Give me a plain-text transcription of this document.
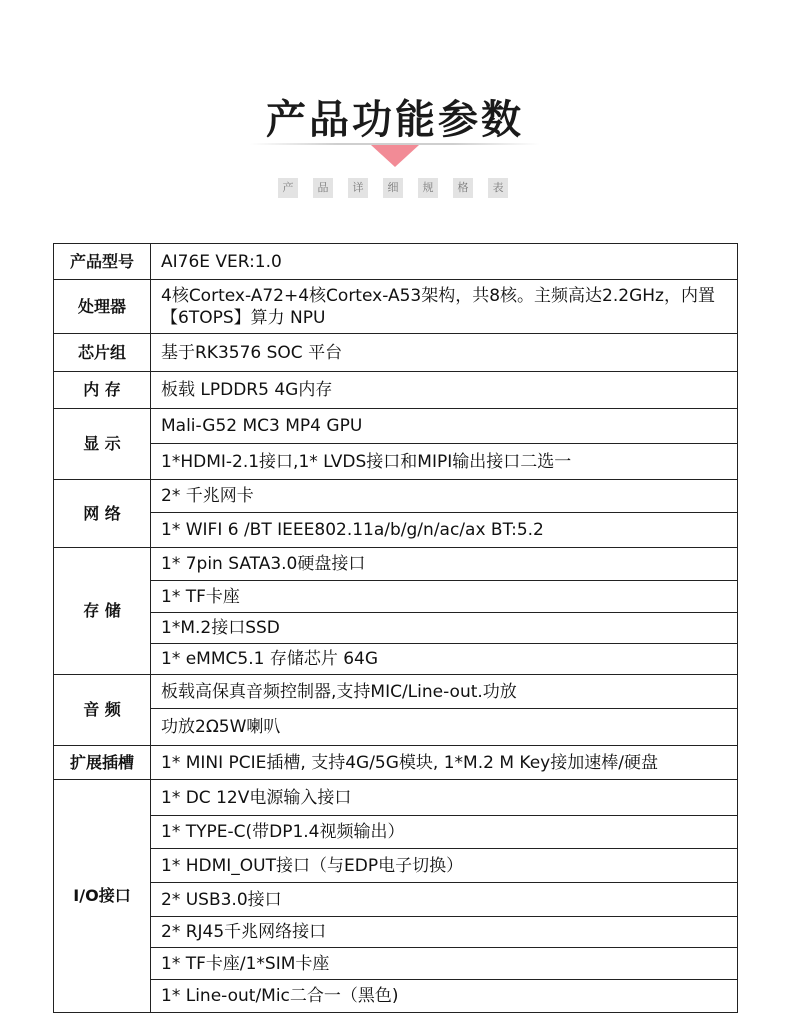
产品功能参数
产	品	详	细	规	格	表
产品型号	AI76E VER:1.0
处理器	4核Cortex-A72+4核Cortex-A53架构，共8核。主频高达2.2GHz，内置【6TOPS】算力 NPU
芯片组	基于RK3576 SOC 平台
内 存	板载 LPDDR5 4G内存
显 示	Mali-G52 MC3 MP4 GPU
	1*HDMI-2.1接口,1* LVDS接口和MIPI输出接口二选一
网 络	2* 千兆网卡
	1* WIFI 6 /BT IEEE802.11a/b/g/n/ac/ax BT:5.2
存 储	1* 7pin SATA3.0硬盘接口
	1* TF卡座
	1*M.2接口SSD
	1* eMMC5.1 存储芯片 64G
音 频	板载高保真音频控制器,支持MIC/Line-out.功放
	功放2Ω5W喇叭
扩展插槽	1* MINI PCIE插槽, 支持4G/5G模块, 1*M.2 M Key接加速棒/硬盘
I/O接口	1* DC 12V电源输入接口
	1* TYPE-C(带DP1.4视频输出）
	1* HDMI_OUT接口（与EDP电子切换）
	2* USB3.0接口
	2* RJ45千兆网络接口
	1* TF卡座/1*SIM卡座
	1* Line-out/Mic二合一（黑色)
